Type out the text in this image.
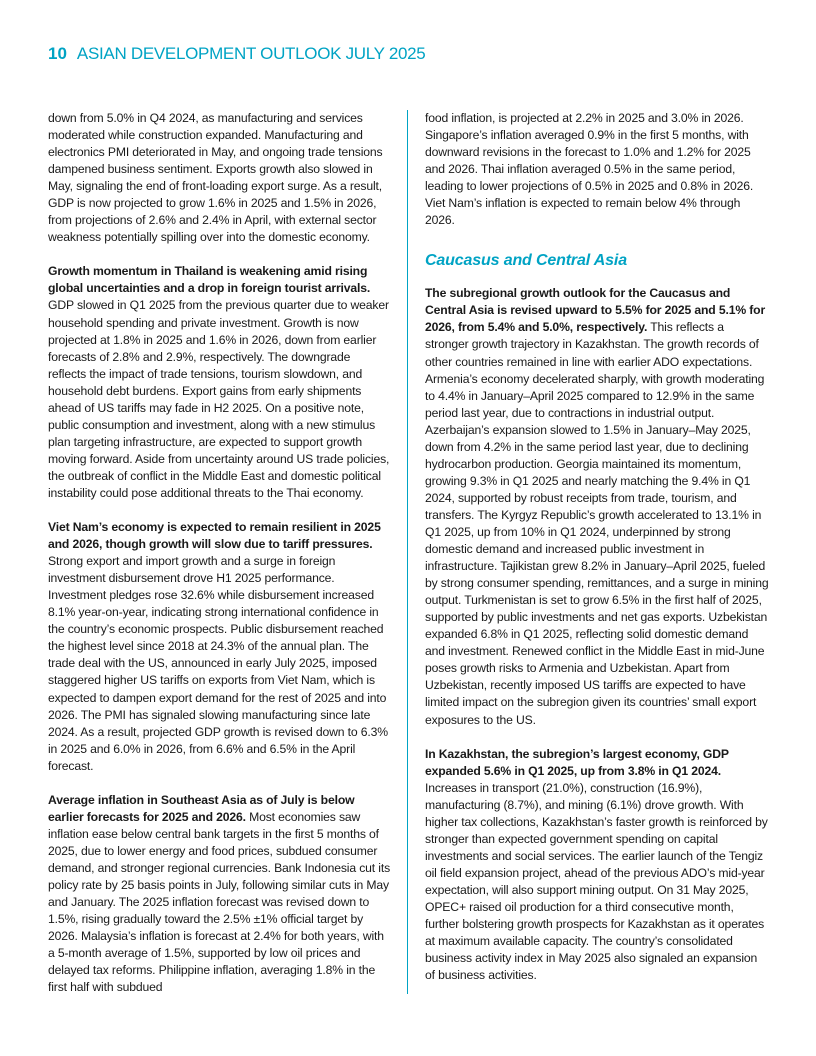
10 ASIAN DEVELOPMENT OUTLOOK JULY 2025

down from 5.0% in Q4 2024, as manufacturing and services moderated while construction expanded. Manufacturing and electronics PMI deteriorated in May, and ongoing trade tensions dampened business sentiment. Exports growth also slowed in May, signaling the end of front-loading export surge. As a result, GDP is now projected to grow 1.6% in 2025 and 1.5% in 2026, from projections of 2.6% and 2.4% in April, with external sector weakness potentially spilling over into the domestic economy.

Growth momentum in Thailand is weakening amid rising global uncertainties and a drop in foreign tourist arrivals. GDP slowed in Q1 2025 from the previous quarter due to weaker household spending and private investment. Growth is now projected at 1.8% in 2025 and 1.6% in 2026, down from earlier forecasts of 2.8% and 2.9%, respectively. The downgrade reflects the impact of trade tensions, tourism slowdown, and household debt burdens. Export gains from early shipments ahead of US tariffs may fade in H2 2025. On a positive note, public consumption and investment, along with a new stimulus plan targeting infrastructure, are expected to support growth moving forward. Aside from uncertainty around US trade policies, the outbreak of conflict in the Middle East and domestic political instability could pose additional threats to the Thai economy.

Viet Nam’s economy is expected to remain resilient in 2025 and 2026, though growth will slow due to tariff pressures. Strong export and import growth and a surge in foreign investment disbursement drove H1 2025 performance. Investment pledges rose 32.6% while disbursement increased 8.1% year-on-year, indicating strong international confidence in the country’s economic prospects. Public disbursement reached the highest level since 2018 at 24.3% of the annual plan. The trade deal with the US, announced in early July 2025, imposed staggered higher US tariffs on exports from Viet Nam, which is expected to dampen export demand for the rest of 2025 and into 2026. The PMI has signaled slowing manufacturing since late 2024. As a result, projected GDP growth is revised down to 6.3% in 2025 and 6.0% in 2026, from 6.6% and 6.5% in the April forecast.

Average inflation in Southeast Asia as of July is below earlier forecasts for 2025 and 2026. Most economies saw inflation ease below central bank targets in the first 5 months of 2025, due to lower energy and food prices, subdued consumer demand, and stronger regional currencies. Bank Indonesia cut its policy rate by 25 basis points in July, following similar cuts in May and January. The 2025 inflation forecast was revised down to 1.5%, rising gradually toward the 2.5% ±1% official target by 2026. Malaysia’s inflation is forecast at 2.4% for both years, with a 5-month average of 1.5%, supported by low oil prices and delayed tax reforms. Philippine inflation, averaging 1.8% in the first half with subdued

food inflation, is projected at 2.2% in 2025 and 3.0% in 2026. Singapore’s inflation averaged 0.9% in the first 5 months, with downward revisions in the forecast to 1.0% and 1.2% for 2025 and 2026. Thai inflation averaged 0.5% in the same period, leading to lower projections of 0.5% in 2025 and 0.8% in 2026. Viet Nam’s inflation is expected to remain below 4% through 2026.

Caucasus and Central Asia

The subregional growth outlook for the Caucasus and Central Asia is revised upward to 5.5% for 2025 and 5.1% for 2026, from 5.4% and 5.0%, respectively. This reflects a stronger growth trajectory in Kazakhstan. The growth records of other countries remained in line with earlier ADO expectations. Armenia’s economy decelerated sharply, with growth moderating to 4.4% in January–April 2025 compared to 12.9% in the same period last year, due to contractions in industrial output. Azerbaijan’s expansion slowed to 1.5% in January–May 2025, down from 4.2% in the same period last year, due to declining hydrocarbon production. Georgia maintained its momentum, growing 9.3% in Q1 2025 and nearly matching the 9.4% in Q1 2024, supported by robust receipts from trade, tourism, and transfers. The Kyrgyz Republic’s growth accelerated to 13.1% in Q1 2025, up from 10% in Q1 2024, underpinned by strong domestic demand and increased public investment in infrastructure. Tajikistan grew 8.2% in January–April 2025, fueled by strong consumer spending, remittances, and a surge in mining output. Turkmenistan is set to grow 6.5% in the first half of 2025, supported by public investments and net gas exports. Uzbekistan expanded 6.8% in Q1 2025, reflecting solid domestic demand and investment. Renewed conflict in the Middle East in mid-June poses growth risks to Armenia and Uzbekistan. Apart from Uzbekistan, recently imposed US tariffs are expected to have limited impact on the subregion given its countries’ small export exposures to the US.

In Kazakhstan, the subregion’s largest economy, GDP expanded 5.6% in Q1 2025, up from 3.8% in Q1 2024. Increases in transport (21.0%), construction (16.9%), manufacturing (8.7%), and mining (6.1%) drove growth. With higher tax collections, Kazakhstan’s faster growth is reinforced by stronger than expected government spending on capital investments and social services. The earlier launch of the Tengiz oil field expansion project, ahead of the previous ADO’s mid-year expectation, will also support mining output. On 31 May 2025, OPEC+ raised oil production for a third consecutive month, further bolstering growth prospects for Kazakhstan as it operates at maximum available capacity. The country’s consolidated business activity index in May 2025 also signaled an expansion of business activities.
